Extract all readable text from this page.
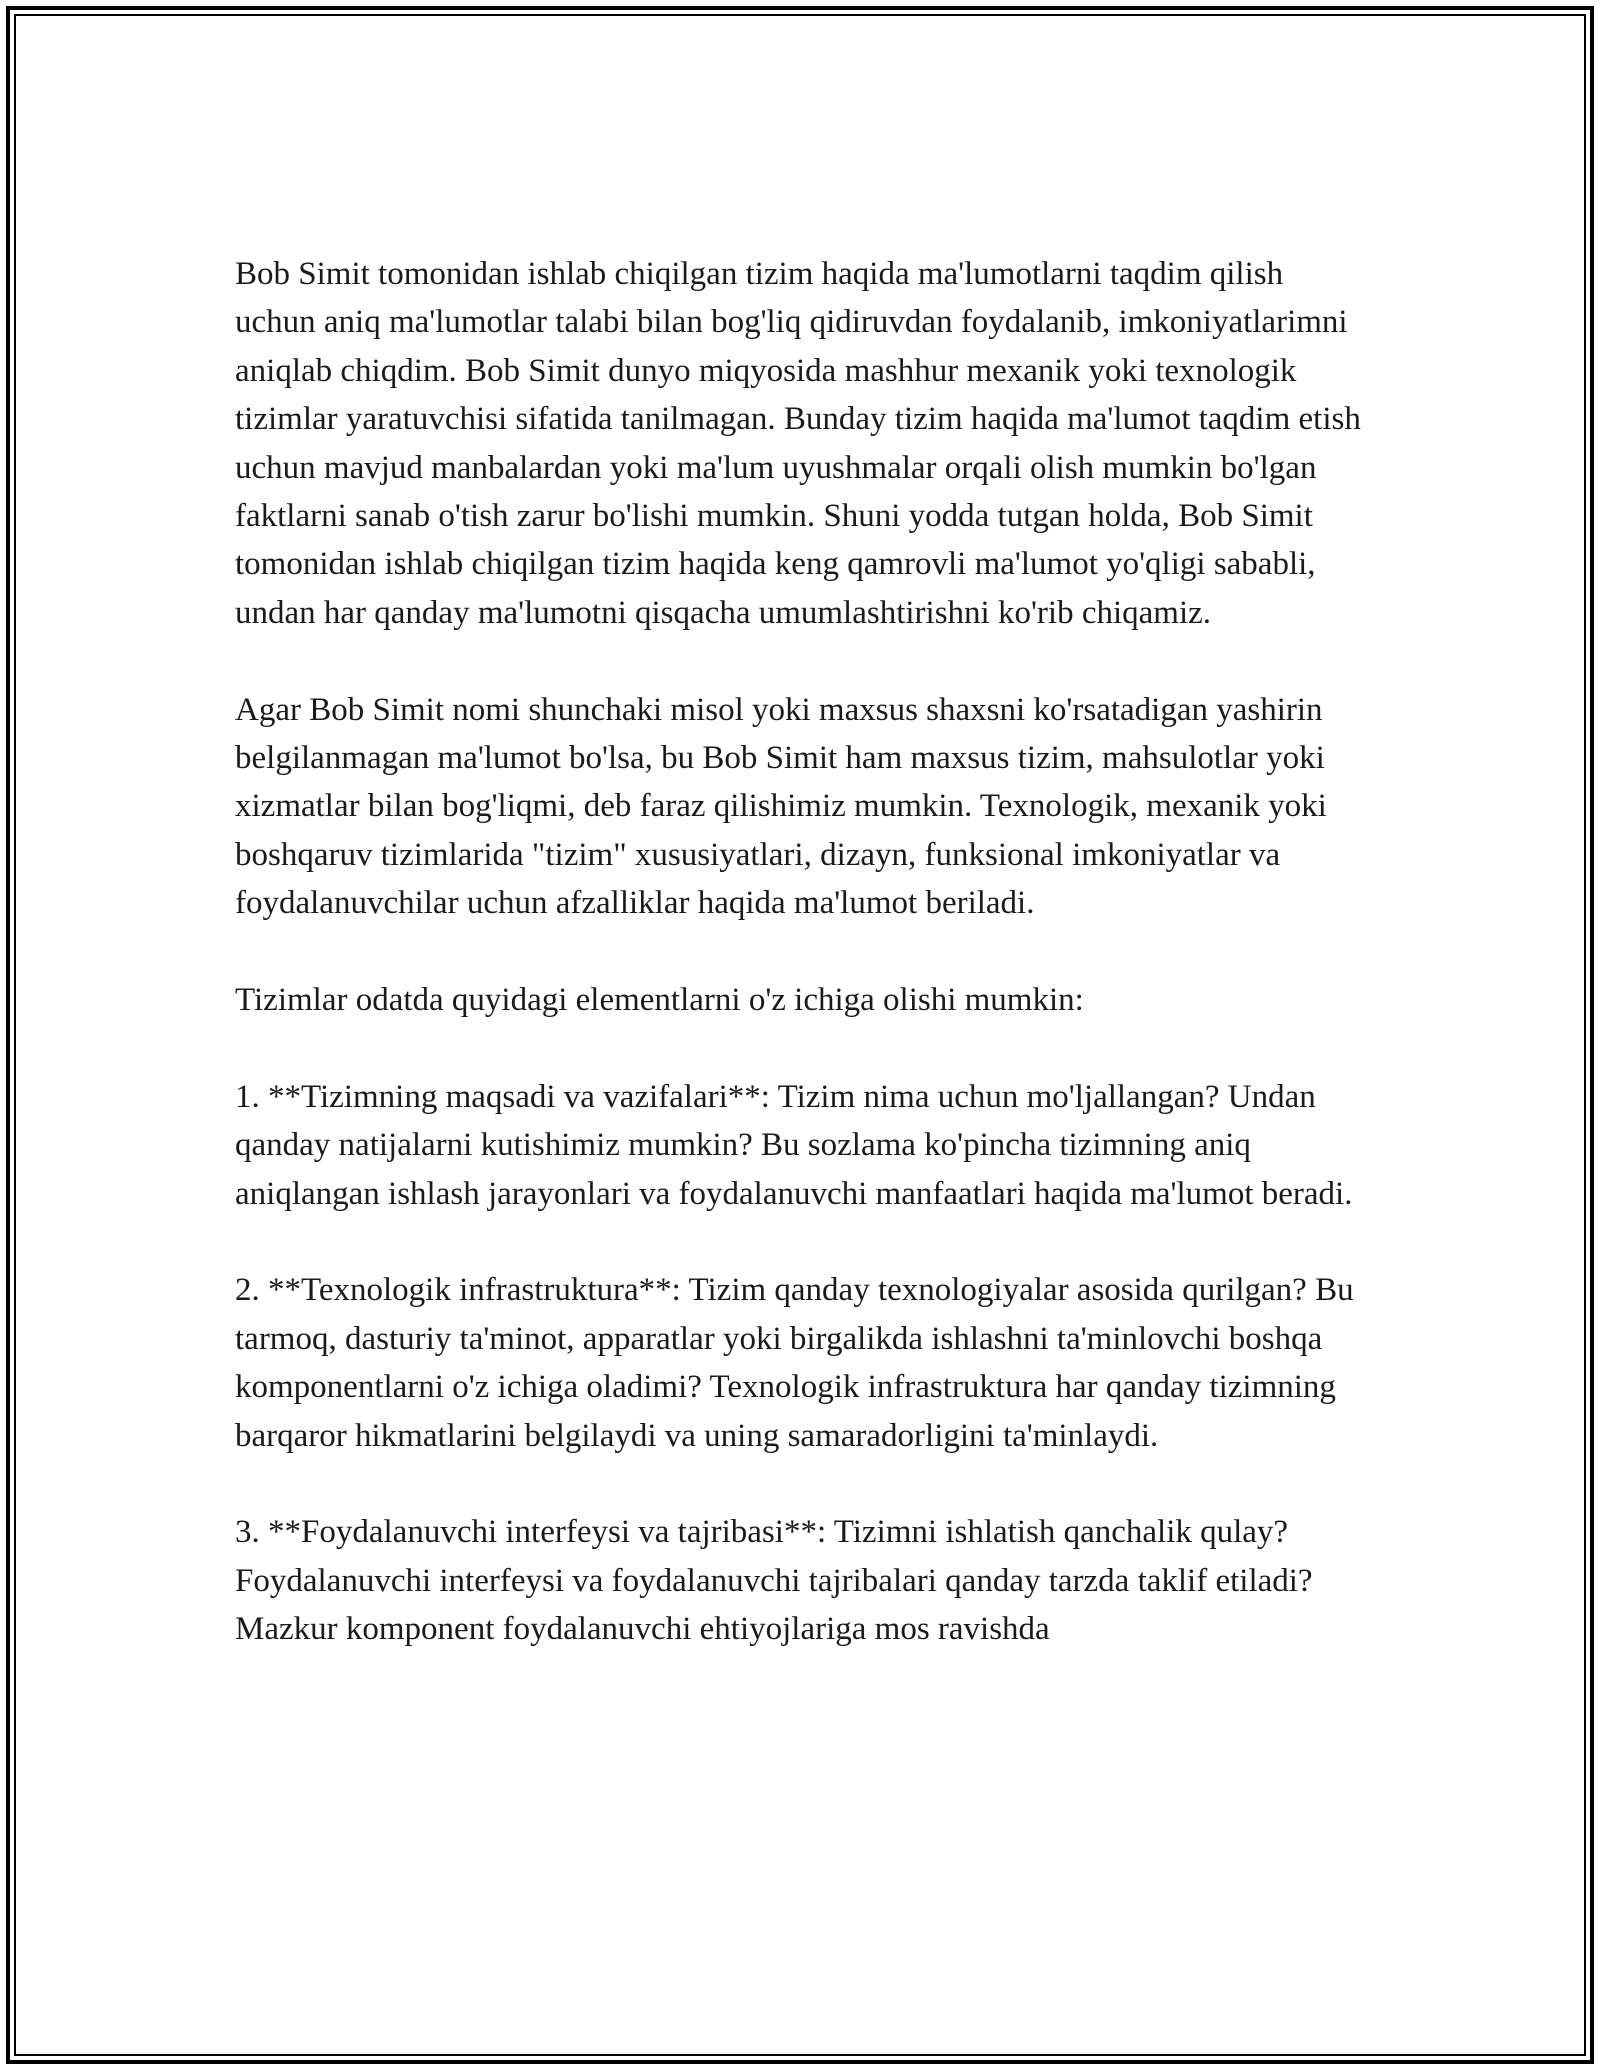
Bob Simit tomonidan ishlab chiqilgan tizim haqida ma'lumotlarni taqdim qilish uchun aniq ma'lumotlar talabi bilan bog'liq qidiruvdan foydalanib, imkoniyatlarimni aniqlab chiqdim. Bob Simit dunyo miqyosida mashhur mexanik yoki texnologik tizimlar yaratuvchisi sifatida tanilmagan. Bunday tizim haqida ma'lumot taqdim etish uchun mavjud manbalardan yoki ma'lum uyushmalar orqali olish mumkin bo'lgan faktlarni sanab o'tish zarur bo'lishi mumkin. Shuni yodda tutgan holda, Bob Simit tomonidan ishlab chiqilgan tizim haqida keng qamrovli ma'lumot yo'qligi sababli, undan har qanday ma'lumotni qisqacha umumlashtirishni ko'rib chiqamiz.

Agar Bob Simit nomi shunchaki misol yoki maxsus shaxsni ko'rsatadigan yashirin belgilanmagan ma'lumot bo'lsa, bu Bob Simit ham maxsus tizim, mahsulotlar yoki xizmatlar bilan bog'liqmi, deb faraz qilishimiz mumkin. Texnologik, mexanik yoki boshqaruv tizimlarida "tizim" xususiyatlari, dizayn, funksional imkoniyatlar va foydalanuvchilar uchun afzalliklar haqida ma'lumot beriladi.

Tizimlar odatda quyidagi elementlarni o'z ichiga olishi mumkin:

1. **Tizimning maqsadi va vazifalari**: Tizim nima uchun mo'ljallangan? Undan qanday natijalarni kutishimiz mumkin? Bu sozlama ko'pincha tizimning aniq aniqlangan ishlash jarayonlari va foydalanuvchi manfaatlari haqida ma'lumot beradi.

2. **Texnologik infrastruktura**: Tizim qanday texnologiyalar asosida qurilgan? Bu tarmoq, dasturiy ta'minot, apparatlar yoki birgalikda ishlashni ta'minlovchi boshqa komponentlarni o'z ichiga oladimi? Texnologik infrastruktura har qanday tizimning barqaror hikmatlarini belgilaydi va uning samaradorligini ta'minlaydi.

3. **Foydalanuvchi interfeysi va tajribasi**: Tizimni ishlatish qanchalik qulay? Foydalanuvchi interfeysi va foydalanuvchi tajribalari qanday tarzda taklif etiladi? Mazkur komponent foydalanuvchi ehtiyojlariga mos ravishda
